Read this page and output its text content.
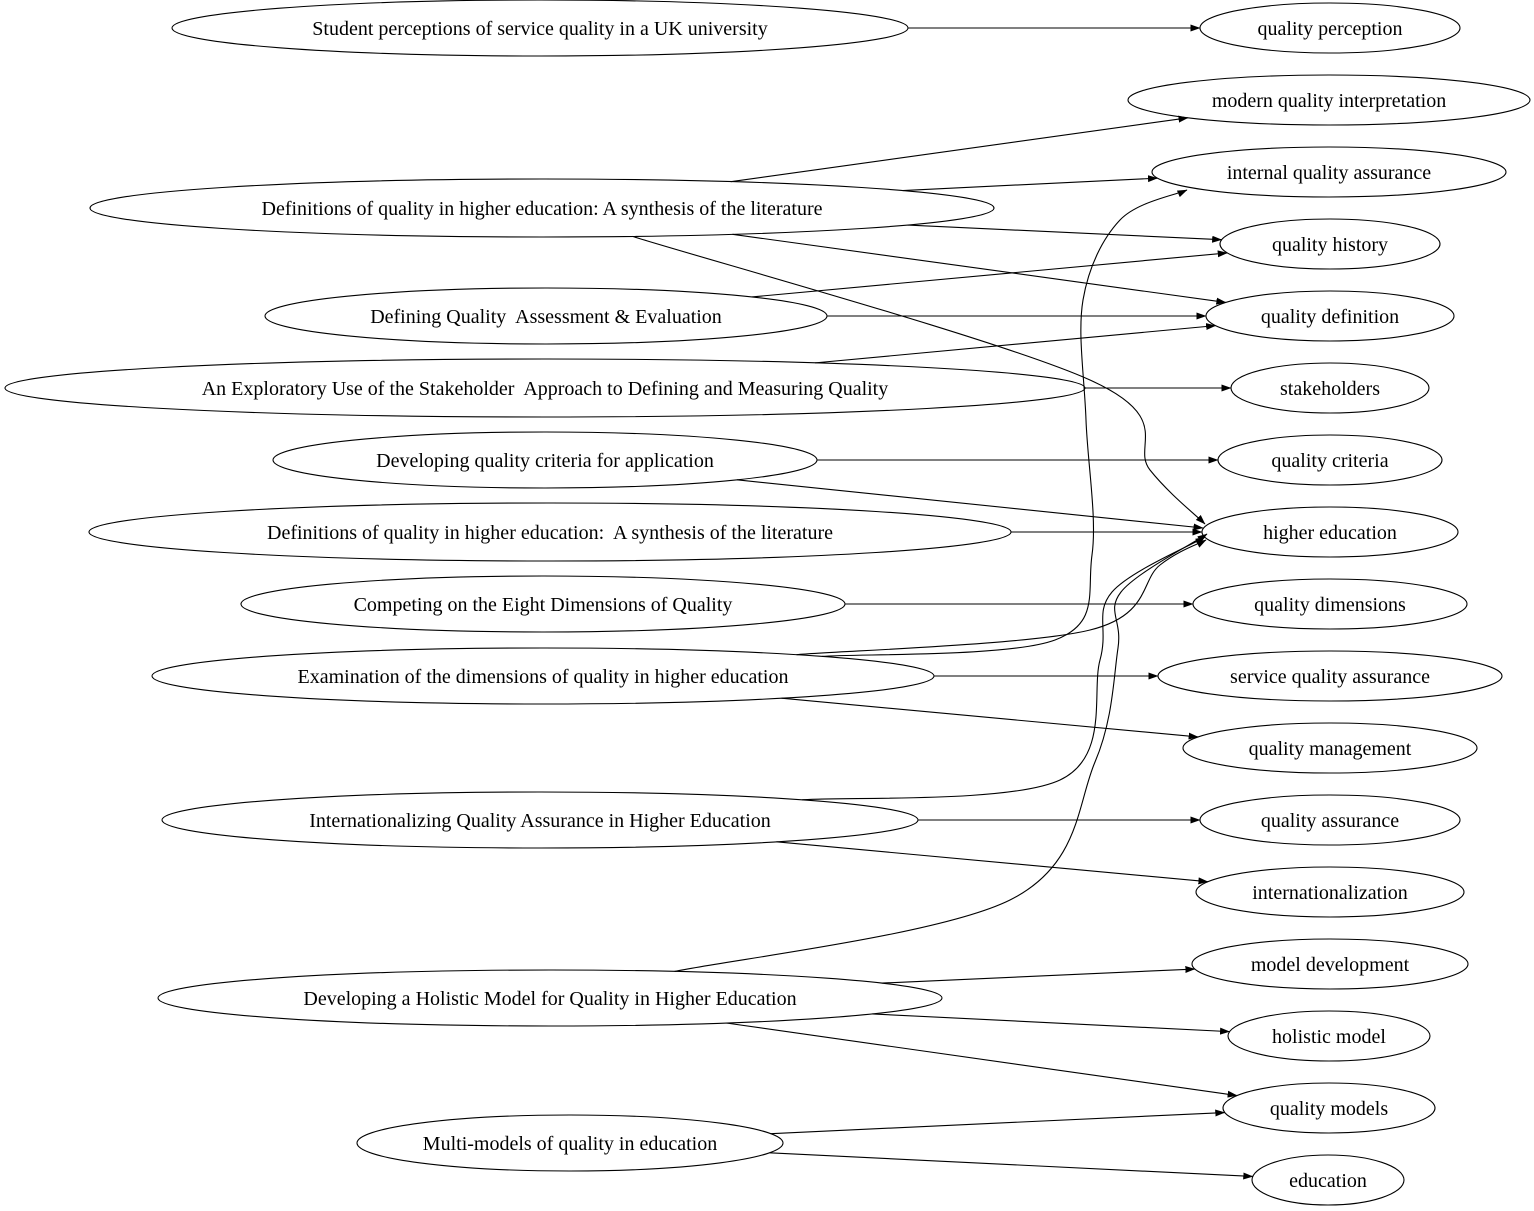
Student perceptions of service quality in a UK university
Definitions of quality in higher education: A synthesis of the literature
Defining Quality  Assessment & Evaluation
An Exploratory Use of the Stakeholder  Approach to Defining and Measuring Quality
Developing quality criteria for application
Definitions of quality in higher education:  A synthesis of the literature
Competing on the Eight Dimensions of Quality
Examination of the dimensions of quality in higher education
Internationalizing Quality Assurance in Higher Education
Developing a Holistic Model for Quality in Higher Education
Multi-models of quality in education
quality perception
modern quality interpretation
internal quality assurance
quality history
quality definition
stakeholders
quality criteria
higher education
quality dimensions
service quality assurance
quality management
quality assurance
internationalization
model development
holistic model
quality models
education
